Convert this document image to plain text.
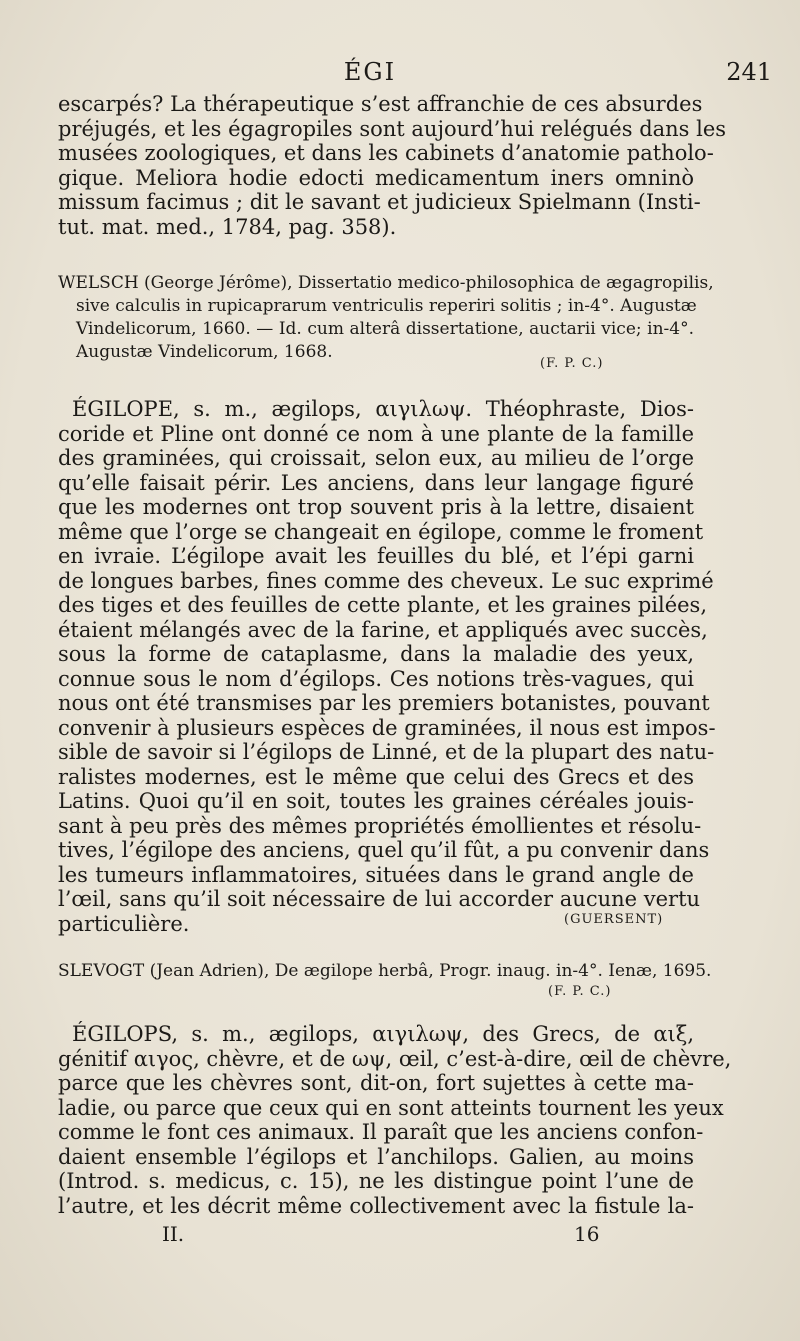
ÉGI	241
escarpés? La thérapeutique s’est affranchie de ces absurdes
préjugés, et les égagropiles sont aujourd’hui relégués dans les
musées zoologiques, et dans les cabinets d’anatomie patholo-
gique. Meliora hodie edocti medicamentum iners omninò
missum facimus ; dit le savant et judicieux Spielmann (Insti-
tut. mat. med., 1784, pag. 358).
WELSCH (George Jérôme), Dissertatio medico-philosophica de ægagropilis,
sive calculis in rupicaprarum ventriculis reperiri solitis ; in-4°. Augustæ
Vindelicorum, 1660. — Id. cum alterâ dissertatione, auctarii vice; in-4°.
Augustæ Vindelicorum, 1668.
(F. P. C.)
ÉGILOPE, s. m., ægilops, αιγιλωψ. Théophraste, Dios-
coride et Pline ont donné ce nom à une plante de la famille
des graminées, qui croissait, selon eux, au milieu de l’orge
qu’elle faisait périr. Les anciens, dans leur langage figuré
que les modernes ont trop souvent pris à la lettre, disaient
même que l’orge se changeait en égilope, comme le froment
en ivraie. L’égilope avait les feuilles du blé, et l’épi garni
de longues barbes, fines comme des cheveux. Le suc exprimé
des tiges et des feuilles de cette plante, et les graines pilées,
étaient mélangés avec de la farine, et appliqués avec succès,
sous la forme de cataplasme, dans la maladie des yeux,
connue sous le nom d’égilops. Ces notions très-vagues, qui
nous ont été transmises par les premiers botanistes, pouvant
convenir à plusieurs espèces de graminées, il nous est impos-
sible de savoir si l’égilops de Linné, et de la plupart des natu-
ralistes modernes, est le même que celui des Grecs et des
Latins. Quoi qu’il en soit, toutes les graines céréales jouis-
sant à peu près des mêmes propriétés émollientes et résolu-
tives, l’égilope des anciens, quel qu’il fût, a pu convenir dans
les tumeurs inflammatoires, situées dans le grand angle de
l’œil, sans qu’il soit nécessaire de lui accorder aucune vertu
particulière.	(GUERSENT)
SLEVOGT (Jean Adrien), De ægilope herbâ, Progr. inaug. in-4°. Ienæ, 1695.
(F. P. C.)
ÉGILOPS, s. m., ægilops, αιγιλωψ, des Grecs, de αιξ,
génitif αιγος, chèvre, et de ωψ, œil, c’est-à-dire, œil de chèvre,
parce que les chèvres sont, dit-on, fort sujettes à cette ma-
ladie, ou parce que ceux qui en sont atteints tournent les yeux
comme le font ces animaux. Il paraît que les anciens confon-
daient ensemble l’égilops et l’anchilops. Galien, au moins
(Introd. s. medicus, c. 15), ne les distingue point l’une de
l’autre, et les décrit même collectivement avec la fistule la-
II.	16
